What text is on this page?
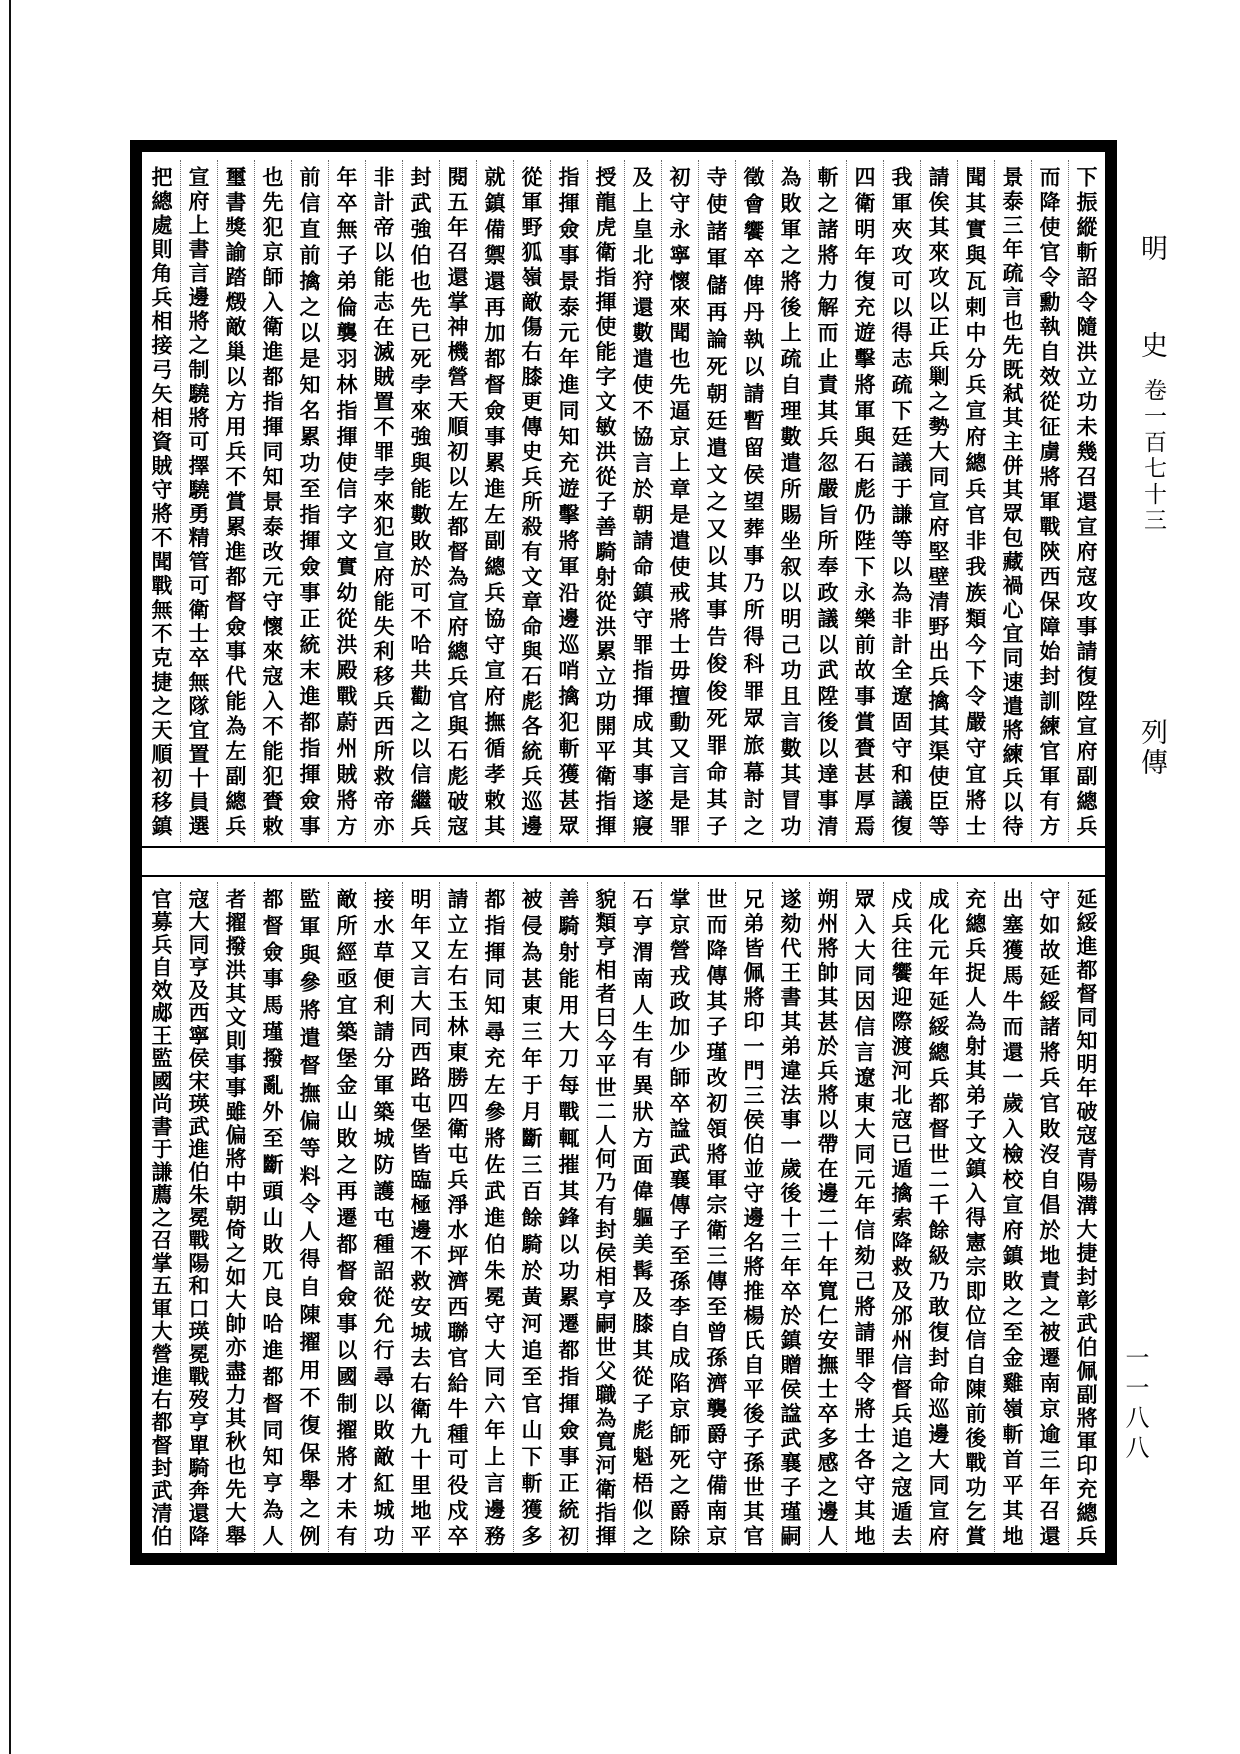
明
史
卷一百七十三
列傳
一一八八
下振縱斬詔令隨洪立功未幾召還宣府寇攻事請復陞宣府副總兵
而降使官令勳執自效從征虜將軍戰陝西保障始封訓練官軍有方
景泰三年疏言也先既弒其主併其眾包藏禍心宜同速遣將練兵以待
聞其實與瓦剌中分兵宣府總兵官非我族類今下令嚴守宜將士
請俟其來攻以正兵剿之勢大同宣府堅壁清野出兵擒其渠使臣等
我軍夾攻可以得志疏下廷議于謙等以為非計全遼固守和議復
四衛明年復充遊擊將軍與石彪仍陛下永樂前故事賞賚甚厚焉
斬之諸將力解而止責其兵忽嚴旨所奉政議以武陞後以達事清
為敗軍之將後上疏自理數遣所賜坐叙以明己功且言數其冒功
徵會饗卒俾丹執以請暫留侯望葬事乃所得科罪眾旅幕討之
寺使諸軍儲再論死朝廷遣文之又以其事告俊俊死罪命其子
初守永寧懷來聞也先逼京上章是遣使戒將士毋擅動又言是罪
及上皇北狩還數遣使不協言於朝請命鎮守罪指揮成其事遂寢
授龍虎衛指揮使能字文敏洪從子善騎射從洪累立功開平衛指揮
指揮僉事景泰元年進同知充遊擊將軍沿邊巡哨擒犯斬獲甚眾
從軍野狐嶺敵傷右膝更傳史兵所殺有文章命與石彪各統兵巡邊
就鎮備禦還再加都督僉事累進左副總兵協守宣府撫循孝敕其
閱五年召還掌神機營天順初以左都督為宣府總兵官與石彪破寇
封武強伯也先已死孛來強與能數敗於可不哈共勸之以信繼兵
非計帝以能志在滅賊置不罪孛來犯宣府能失利移兵西所救帝亦
年卒無子弟倫襲羽林指揮使信字文實幼從洪殿戰蔚州賊將方
前信直前擒之以是知名累功至指揮僉事正統末進都指揮僉事
也先犯京師入衛進都指揮同知景泰改元守懷來寇入不能犯賚敕
璽書獎諭踏燬敵巢以方用兵不賞累進都督僉事代能為左副總兵
宣府上書言邊將之制驍將可擇驍勇精管可衛士卒無隊宜置十員選
把總處則角兵相接弓矢相資賊守將不聞戰無不克捷之天順初移鎮
延綏進都督同知明年破寇青陽溝大捷封彰武伯佩副將軍印充總兵
守如故延綏諸將兵官敗沒自倡於地責之被遷南京逾三年召還
出塞獲馬牛而還一歲入檢校宣府鎮敗之至金雞嶺斬首平其地
充總兵捉人為射其弟子文鎮入得憲宗即位信自陳前後戰功乞賞
成化元年延綏總兵都督世二千餘級乃敢復封命巡邊大同宣府
戍兵往饗迎際渡河北寇已遁擒索降救及邠州信督兵追之寇遁去
眾入大同因信言遼東大同元年信劾己將請罪令將士各守其地
朔州將帥其甚於兵將以帶在邊二十年寬仁安撫士卒多感之邊人
遂劾代王書其弟違法事一歲後十三年卒於鎮贈侯諡武襄子瑾嗣
兄弟皆佩將印一門三侯伯並守邊名將推楊氏自平後子孫世其官
世而降傳其子瑾改初領將軍宗衛三傳至曾孫濟襲爵守備南京
掌京營戎政加少師卒諡武襄傳子至孫李自成陷京師死之爵除
石亨渭南人生有異狀方面偉軀美髯及膝其從子彪魁梧似之
貌類亨相者曰今平世二人何乃有封侯相亨嗣世父職為寬河衛指揮
善騎射能用大刀每戰輒摧其鋒以功累遷都指揮僉事正統初
被侵為甚東三年于月斷三百餘騎於黃河追至官山下斬獲多
都指揮同知尋充左參將佐武進伯朱冕守大同六年上言邊務
請立左右玉林東勝四衛屯兵淨水坪濟西聯官給牛種可役戍卒
明年又言大同西路屯堡皆臨極邊不救安城去右衛九十里地平
接水草便利請分軍築城防護屯種詔從允行尋以敗敵紅城功
敵所經亟宜築堡金山敗之再遷都督僉事以國制擢將才未有
監軍與參將遣督撫偏等料令人得自陳擢用不復保舉之例
都督僉事馬瑾撥亂外至斷頭山敗兀良哈進都督同知亨為人
者擢撥洪其文則事事雖偏將中朝倚之如大帥亦盡力其秋也先大舉
寇大同亨及西寧侯宋瑛武進伯朱冕戰陽和口瑛冕戰歿亨單騎奔還降
官募兵自效郕王監國尚書于謙薦之召掌五軍大營進右都督封武清伯
